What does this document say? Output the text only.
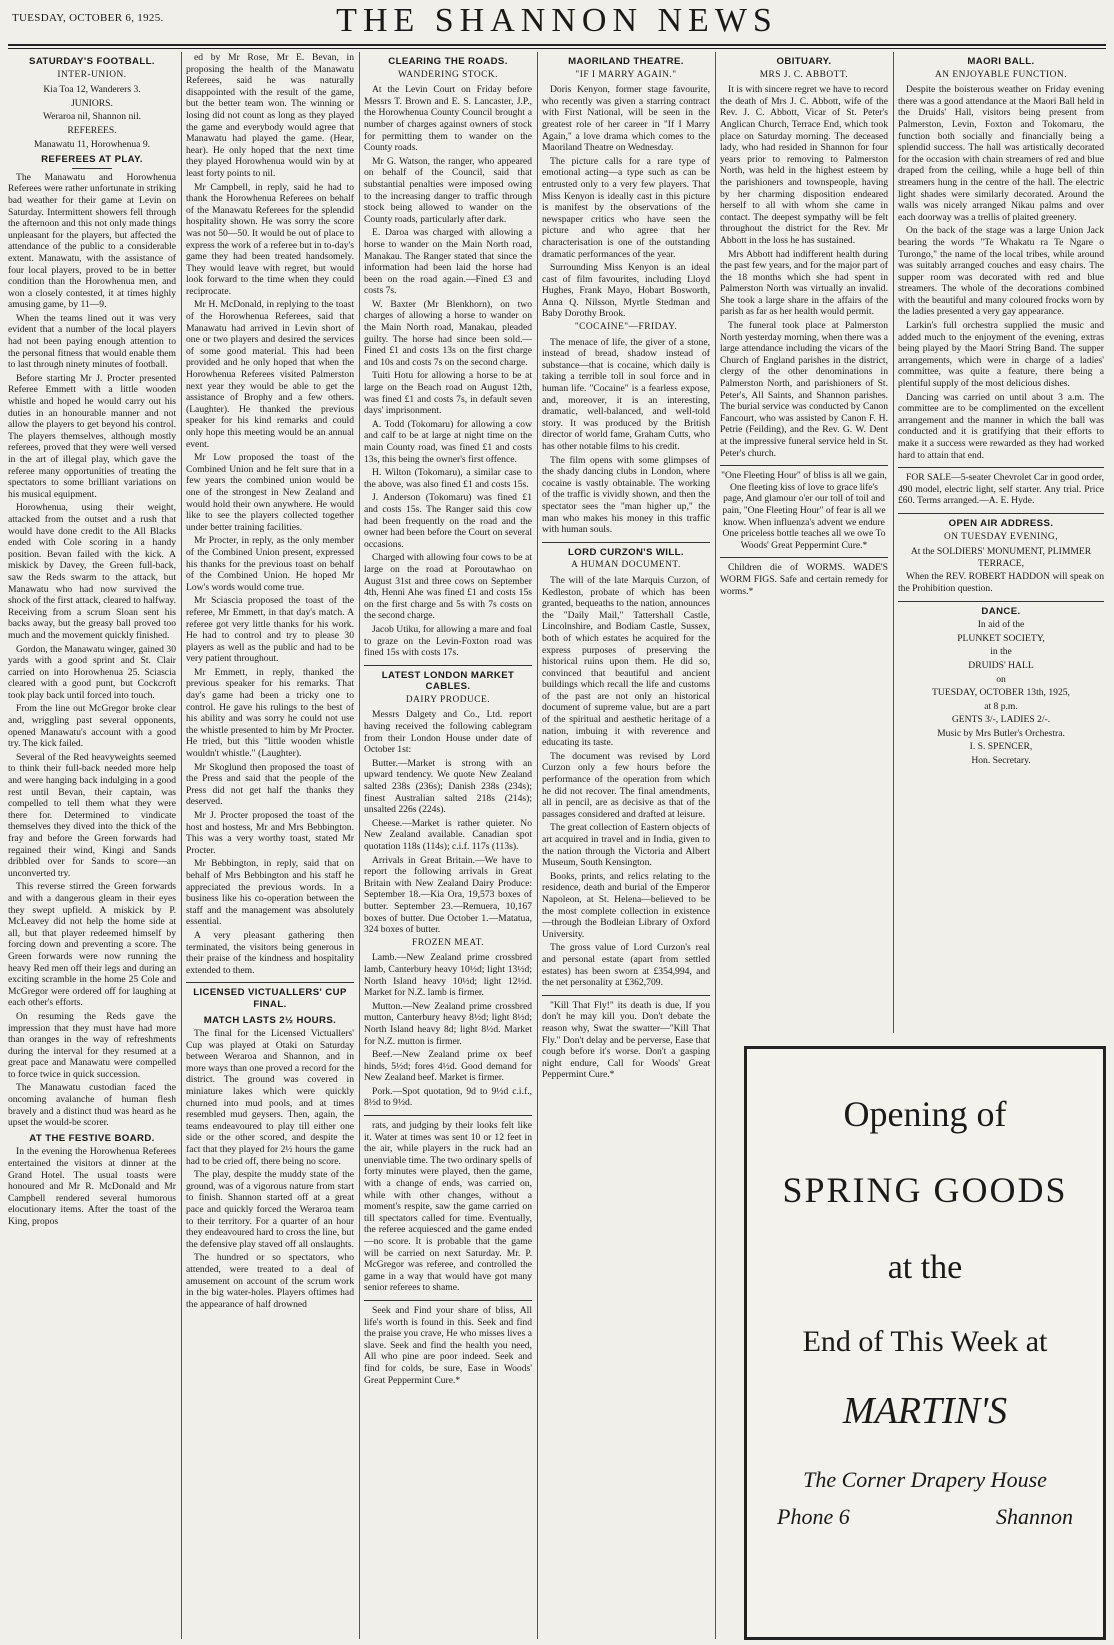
TUESDAY, OCTOBER 6, 1925.	THE SHANNON NEWS
SATURDAY'S FOOTBALL.
INTER-UNION.

Kia Toa 12, Wanderers 3.

JUNIORS.

Weraroa nil, Shannon nil.

REFEREES.

Manawatu 11, Horowhenua 9.

REFEREES AT PLAY.

The Manawatu and Horowhenua Referees were rather unfortunate in striking bad weather for their game at Levin on Saturday. Intermittent showers fell through the afternoon and this not only made things unpleasant for the players, but affected the attendance of the public to a considerable extent. Manawatu, with the assistance of four local players, proved to be in better condition than the Horowhenua men, and won a closely contested, it at times highly amusing game, by 11—9.

When the teams lined out it was very evident that a number of the local players had not been paying enough attention to the personal fitness that would enable them to last through ninety minutes of football.

Before starting Mr J. Procter presented Referee Emmett with a little wooden whistle and hoped he would carry out his duties in an honourable manner and not allow the players to get beyond his control. The players themselves, although mostly referees, proved that they were well versed in the art of illegal play, which gave the referee many opportunities of treating the spectators to some brilliant variations on his musical equipment.

Horowhenua, using their weight, attacked from the outset and a rush that would have done credit to the All Blacks ended with Cole scoring in a handy position. Bevan failed with the kick. A miskick by Davey, the Green full-back, saw the Reds swarm to the attack, but Manawatu who had now survived the shock of the first attack, cleared to halfway. Receiving from a scrum Sloan sent his backs away, but the greasy ball proved too much and the movement quickly finished.

Gordon, the Manawatu winger, gained 30 yards with a good sprint and St. Clair carried on into Horowhenua 25. Sciascia cleared with a good punt, but Cockcroft took play back until forced into touch.

From the line out McGregor broke clear and, wriggling past several opponents, opened Manawatu's account with a good try. The kick failed.

Several of the Red heavyweights seemed to think their full-back needed more help and were hanging back indulging in a good rest until Bevan, their captain, was compelled to tell them what they were there for. Determined to vindicate themselves they dived into the thick of the fray and before the Green forwards had regained their wind, Kingi and Sands dribbled over for Sands to score—an unconverted try.

This reverse stirred the Green forwards and with a dangerous gleam in their eyes they swept upfield. A miskick by P. McLeavey did not help the home side at all, but that player redeemed himself by forcing down and preventing a score. The Green forwards were now running the heavy Red men off their legs and during an exciting scramble in the home 25 Cole and McGregor were ordered off for laughing at each other's efforts.

On resuming the Reds gave the impression that they must have had more than oranges in the way of refreshments during the interval for they resumed at a great pace and Manawatu were compelled to force twice in quick succession.

The Manawatu custodian faced the oncoming avalanche of human flesh bravely and a distinct thud was heard as he upset the would-be scorer.

AT THE FESTIVE BOARD.

In the evening the Horowhenua Referees entertained the visitors at dinner at the Grand Hotel. The usual toasts were honoured and Mr R. McDonald and Mr Campbell rendered several humorous elocutionary items. After the toast of the King, propos

ed by Mr Rose, Mr E. Bevan, in proposing the health of the Manawatu Referees, said he was naturally disappointed with the result of the game, but the better team won. The winning or losing did not count as long as they played the game and everybody would agree that Manawatu had played the game. (Hear, hear). He only hoped that the next time they played Horowhenua would win by at least forty points to nil.

Mr Campbell, in reply, said he had to thank the Horowhenua Referees on behalf of the Manawatu Referees for the splendid hospitality shown. He was sorry the score was not 50—50. It would be out of place to express the work of a referee but in to-day's game they had been treated handsomely. They would leave with regret, but would look forward to the time when they could reciprocate.

Mr H. McDonald, in replying to the toast of the Horowhenua Referees, said that Manawatu had arrived in Levin short of one or two players and desired the services of some good material. This had been provided and he only hoped that when the Horowhenua Referees visited Palmerston next year they would be able to get the assistance of Brophy and a few others. (Laughter). He thanked the previous speaker for his kind remarks and could only hope this meeting would be an annual event.

Mr Low proposed the toast of the Combined Union and he felt sure that in a few years the combined union would be one of the strongest in New Zealand and would hold their own anywhere. He would like to see the players collected together under better training facilities.

Mr Procter, in reply, as the only member of the Combined Union present, expressed his thanks for the previous toast on behalf of the Combined Union. He hoped Mr Low's words would come true.

Mr Sciascia proposed the toast of the referee, Mr Emmett, in that day's match. A referee got very little thanks for his work. He had to control and try to please 30 players as well as the public and had to be very patient throughout.

Mr Emmett, in reply, thanked the previous speaker for his remarks. That day's game had been a tricky one to control. He gave his rulings to the best of his ability and was sorry he could not use the whistle presented to him by Mr Procter. He tried, but this "little wooden whistle wouldn't whistle." (Laughter).

Mr Skoglund then proposed the toast of the Press and said that the people of the Press did not get half the thanks they deserved.

Mr J. Procter proposed the toast of the host and hostess, Mr and Mrs Bebbington. This was a very worthy toast, stated Mr Procter.

Mr Bebbington, in reply, said that on behalf of Mrs Bebbington and his staff he appreciated the previous words. In a business like his co-operation between the staff and the management was absolutely essential.

A very pleasant gathering then terminated, the visitors being generous in their praise of the kindness and hospitality extended to them.

LICENSED VICTUALLERS' CUP FINAL.
MATCH LASTS 2½ HOURS.

The final for the Licensed Victuallers' Cup was played at Otaki on Saturday between Weraroa and Shannon, and in more ways than one proved a record for the district. The ground was covered in miniature lakes which were quickly churned into mud pools, and at times resembled mud geysers. Then, again, the teams endeavoured to play till either one side or the other scored, and despite the fact that they played for 2½ hours the game had to be cried off, there being no score.

The play, despite the muddy state of the ground, was of a vigorous nature from start to finish. Shannon started off at a great pace and quickly forced the Weraroa team to their territory. For a quarter of an hour they endeavoured hard to cross the line, but the defensive play staved off all onslaughts.

The hundred or so spectators, who attended, were treated to a deal of amusement on account of the scrum work in the big water-holes. Players oftimes had the appearance of half drowned

CLEARING THE ROADS.
WANDERING STOCK.

At the Levin Court on Friday before Messrs T. Brown and E. S. Lancaster, J.P., the Horowhenua County Council brought a number of charges against owners of stock for permitting them to wander on the County roads.

Mr G. Watson, the ranger, who appeared on behalf of the Council, said that substantial penalties were imposed owing to the increasing danger to traffic through stock being allowed to wander on the County roads, particularly after dark.

E. Daroa was charged with allowing a horse to wander on the Main North road, Manakau. The Ranger stated that since the information had been laid the horse had been on the road again.—Fined £3 and costs 7s.

W. Baxter (Mr Blenkhorn), on two charges of allowing a horse to wander on the Main North road, Manakau, pleaded guilty. The horse had since been sold.—Fined £1 and costs 13s on the first charge and 10s and costs 7s on the second charge.

Tuiti Hotu for allowing a horse to be at large on the Beach road on August 12th, was fined £1 and costs 7s, in default seven days' imprisonment.

A. Todd (Tokomaru) for allowing a cow and calf to be at large at night time on the main County road, was fined £1 and costs 13s, this being the owner's first offence.

H. Wilton (Tokomaru), a similar case to the above, was also fined £1 and costs 15s.

J. Anderson (Tokomaru) was fined £1 and costs 15s. The Ranger said this cow had been frequently on the road and the owner had been before the Court on several occasions.

Charged with allowing four cows to be at large on the road at Poroutawhao on August 31st and three cows on September 4th, Henni Ahe was fined £1 and costs 15s on the first charge and 5s with 7s costs on the second charge.

Jacob Utiku, for allowing a mare and foal to graze on the Levin-Foxton road was fined 15s with costs 17s.

LATEST LONDON MARKET CABLES.
DAIRY PRODUCE.

Messrs Dalgety and Co., Ltd. report having received the following cablegram from their London House under date of October 1st:

Butter.—Market is strong with an upward tendency. We quote New Zealand salted 238s (236s); Danish 238s (234s); finest Australian salted 218s (214s); unsalted 226s (224s).

Cheese.—Market is rather quieter. No New Zealand available. Canadian spot quotation 118s (114s); c.i.f. 117s (113s).

Arrivals in Great Britain.—We have to report the following arrivals in Great Britain with New Zealand Dairy Produce: September 18.—Kia Ora, 19,573 boxes of butter. September 23.—Remuera, 10,167 boxes of butter. Due October 1.—Matatua, 324 boxes of butter.

FROZEN MEAT.

Lamb.—New Zealand prime crossbred lamb, Canterbury heavy 10½d; light 13½d; North Island heavy 10½d; light 12½d. Market for N.Z. lamb is firmer.

Mutton.—New Zealand prime crossbred mutton, Canterbury heavy 8½d; light 8½d; North Island heavy 8d; light 8½d. Market for N.Z. mutton is firmer.

Beef.—New Zealand prime ox beef hinds, 5½d; fores 4½d. Good demand for New Zealand beef. Market is firmer.

Pork.—Spot quotation, 9d to 9½d c.i.f., 8½d to 9½d.

rats, and judging by their looks felt like it. Water at times was sent 10 or 12 feet in the air, while players in the ruck had an unenviable time. The two ordinary spells of forty minutes were played, then the game, with a change of ends, was carried on, while with other changes, without a moment's respite, saw the game carried on till spectators called for time. Eventually, the referee acquiesced and the game ended—no score. It is probable that the game will be carried on next Saturday. Mr. P. McGregor was referee, and controlled the game in a way that would have got many senior referees to shame.

Seek and Find your share of bliss, All life's worth is found in this. Seek and find the praise you crave, He who misses lives a slave. Seek and find the health you need, All who pine are poor indeed. Seek and find for colds, be sure, Ease in Woods' Great Peppermint Cure.*

MAORILAND THEATRE.
"IF I MARRY AGAIN."

Doris Kenyon, former stage favourite, who recently was given a starring contract with First National, will be seen in the greatest role of her career in "If I Marry Again," a love drama which comes to the Maoriland Theatre on Wednesday.

The picture calls for a rare type of emotional acting—a type such as can be entrusted only to a very few players. That Miss Kenyon is ideally cast in this picture is manifest by the observations of the newspaper critics who have seen the picture and who agree that her characterisation is one of the outstanding dramatic performances of the year.

Surrounding Miss Kenyon is an ideal cast of film favourites, including Lloyd Hughes, Frank Mayo, Hobart Bosworth, Anna Q. Nilsson, Myrtle Stedman and Baby Dorothy Brook.

"COCAINE"—FRIDAY.

The menace of life, the giver of a stone, instead of bread, shadow instead of substance—that is cocaine, which daily is taking a terrible toll in soul force and in human life. "Cocaine" is a fearless expose, and, moreover, it is an interesting, dramatic, well-balanced, and well-told story. It was produced by the British director of world fame, Graham Cutts, who has other notable films to his credit.

The film opens with some glimpses of the shady dancing clubs in London, where cocaine is vastly obtainable. The working of the traffic is vividly shown, and then the spectator sees the "man higher up," the man who makes his money in this traffic with human souls.

LORD CURZON'S WILL.
A HUMAN DOCUMENT.

The will of the late Marquis Curzon, of Kedleston, probate of which has been granted, bequeaths to the nation, announces the "Daily Mail," Tattershall Castle, Lincolnshire, and Bodiam Castle, Sussex, both of which estates he acquired for the express purposes of preserving the historical ruins upon them. He did so, convinced that beautiful and ancient buildings which recall the life and customs of the past are not only an historical document of supreme value, but are a part of the spiritual and aesthetic heritage of a nation, imbuing it with reverence and educating its taste.

The document was revised by Lord Curzon only a few hours before the performance of the operation from which he did not recover. The final amendments, all in pencil, are as decisive as that of the passages considered and drafted at leisure.

The great collection of Eastern objects of art acquired in travel and in India, given to the nation through the Victoria and Albert Museum, South Kensington.

Books, prints, and relics relating to the residence, death and burial of the Emperor Napoleon, at St. Helena—believed to be the most complete collection in existence—through the Bodleian Library of Oxford University.

The gross value of Lord Curzon's real and personal estate (apart from settled estates) has been sworn at £354,994, and the net personality at £362,709.

"Kill That Fly!" its death is due, If you don't he may kill you. Don't debate the reason why, Swat the swatter—"Kill That Fly." Don't delay and be perverse, Ease that cough before it's worse. Don't a gasping night endure, Call for Woods' Great Peppermint Cure.*

OBITUARY.
MRS J. C. ABBOTT.

It is with sincere regret we have to record the death of Mrs J. C. Abbott, wife of the Rev. J. C. Abbott, Vicar of St. Peter's Anglican Church, Terrace End, which took place on Saturday morning. The deceased lady, who had resided in Shannon for four years prior to removing to Palmerston North, was held in the highest esteem by the parishioners and townspeople, having by her charming disposition endeared herself to all with whom she came in contact. The deepest sympathy will be felt throughout the district for the Rev. Mr Abbott in the loss he has sustained.

Mrs Abbott had indifferent health during the past few years, and for the major part of the 18 months which she had spent in Palmerston North was virtually an invalid. She took a large share in the affairs of the parish as far as her health would permit.

The funeral took place at Palmerston North yesterday morning, when there was a large attendance including the vicars of the Church of England parishes in the district, clergy of the other denominations in Palmerston North, and parishioners of St. Peter's, All Saints, and Shannon parishes. The burial service was conducted by Canon Fancourt, who was assisted by Canon F. H. Petrie (Feilding), and the Rev. G. W. Dent at the impressive funeral service held in St. Peter's church.

"One Fleeting Hour" of bliss is all we gain, One fleeting kiss of love to grace life's page, And glamour o'er our toll of toil and pain, "One Fleeting Hour" of fear is all we know. When influenza's advent we endure One priceless bottle teaches all we owe To Woods' Great Peppermint Cure.*

Children die of WORMS. WADE'S WORM FIGS. Safe and certain remedy for worms.*

MAORI BALL.
AN ENJOYABLE FUNCTION.

Despite the boisterous weather on Friday evening there was a good attendance at the Maori Ball held in the Druids' Hall, visitors being present from Palmerston, Levin, Foxton and Tokomaru, the function both socially and financially being a splendid success. The hall was artistically decorated for the occasion with chain streamers of red and blue draped from the ceiling, while a huge bell of thin streamers hung in the centre of the hall. The electric light shades were similarly decorated. Around the walls was nicely arranged Nikau palms and over each doorway was a trellis of plaited greenery.

On the back of the stage was a large Union Jack bearing the words "Te Whakatu ra Te Ngare o Turongo," the name of the local tribes, while around was suitably arranged couches and easy chairs. The supper room was decorated with red and blue streamers. The whole of the decorations combined with the beautiful and many coloured frocks worn by the ladies presented a very gay appearance.

Larkin's full orchestra supplied the music and added much to the enjoyment of the evening, extras being played by the Maori String Band. The supper arrangements, which were in charge of a ladies' committee, was quite a feature, there being a plentiful supply of the most delicious dishes.

Dancing was carried on until about 3 a.m. The committee are to be complimented on the excellent arrangement and the manner in which the ball was conducted and it is gratifying that their efforts to make it a success were rewarded as they had worked hard to attain that end.

FOR SALE—5-seater Chevrolet Car in good order, 490 model, electric light, self starter. Any trial. Price £60. Terms arranged.—A. E. Hyde.

OPEN AIR ADDRESS.
ON TUESDAY EVENING,

At the SOLDIERS' MONUMENT, PLIMMER TERRACE,

When the REV. ROBERT HADDON will speak on the Prohibition question.

DANCE.

In aid of the

PLUNKET SOCIETY,

in the

DRUIDS' HALL

on

TUESDAY, OCTOBER 13th, 1925,

at 8 p.m.

GENTS 3/-, LADIES 2/-.

Music by Mrs Butler's Orchestra.

I. S. SPENCER,

Hon. Secretary.

Opening of
SPRING GOODS
at the
End of This Week at
MARTIN'S
The Corner Drapery House
Phone 6	Shannon
